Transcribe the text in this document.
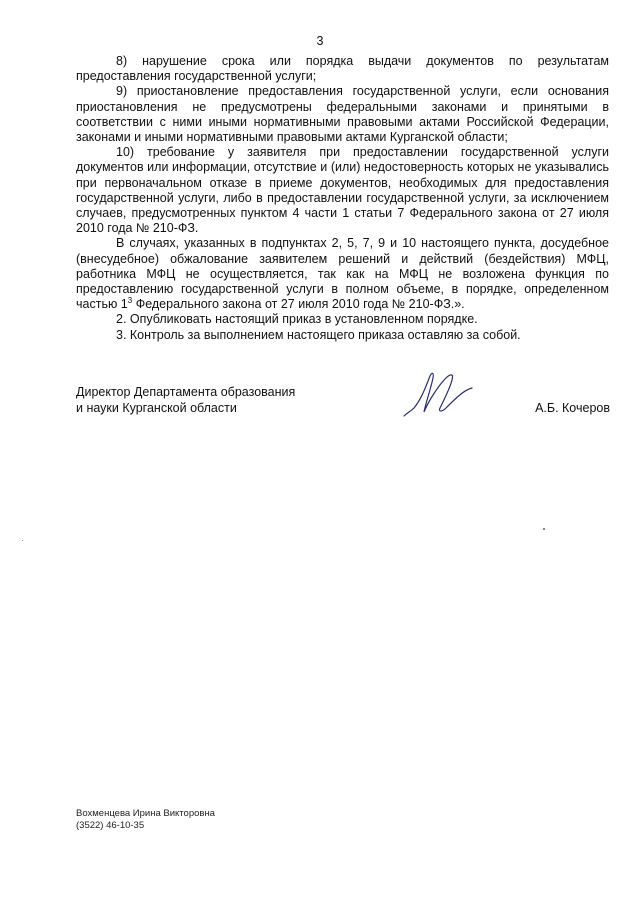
3

8) нарушение срока или порядка выдачи документов по результатам предоставления государственной услуги;

9) приостановление предоставления государственной услуги, если основания приостановления не предусмотрены федеральными законами и принятыми в соответствии с ними иными нормативными правовыми актами Российской Федерации, законами и иными нормативными правовыми актами Курганской области;

10) требование у заявителя при предоставлении государственной услуги документов или информации, отсутствие и (или) недостоверность которых не указывались при первоначальном отказе в приеме документов, необходимых для предоставления государственной услуги, либо в предоставлении государственной услуги, за исключением случаев, предусмотренных пунктом 4 части 1 статьи 7 Федерального закона от 27 июля 2010 года № 210-ФЗ.

В случаях, указанных в подпунктах 2, 5, 7, 9 и 10 настоящего пункта, досудебное (внесудебное) обжалование заявителем решений и действий (бездействия) МФЦ, работника МФЦ не осуществляется, так как на МФЦ не возложена функция по предоставлению государственной услуги в полном объеме, в порядке, определенном частью $1^3$ Федерального закона от 27 июля 2010 года № 210-ФЗ.».

2. Опубликовать настоящий приказ в установленном порядке.

3. Контроль за выполнением настоящего приказа оставляю за собой.

Директор Департамента образования
и науки Курганской области	А.Б. Кочеров
Вохменцева Ирина Викторовна
(3522) 46-10-35
